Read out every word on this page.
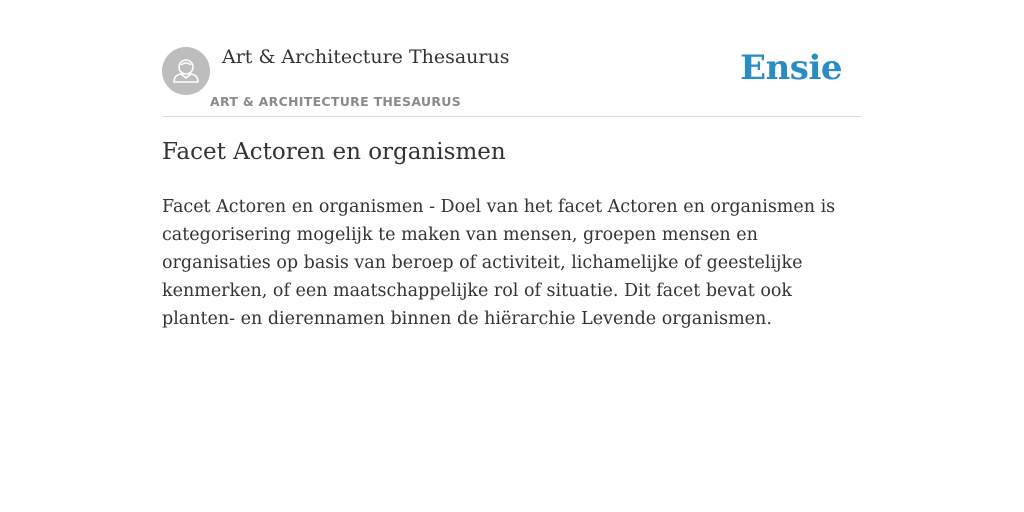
Art & Architecture Thesaurus
ART & ARCHITECTURE THESAURUS
Ensie
Facet Actoren en organismen

Facet Actoren en organismen - Doel van het facet Actoren en organismen is categorisering mogelijk te maken van mensen, groepen mensen en organisaties op basis van beroep of activiteit, lichamelijke of geestelijke kenmerken, of een maatschappelijke rol of situatie. Dit facet bevat ook planten- en dierennamen binnen de hiërarchie Levende organismen.
